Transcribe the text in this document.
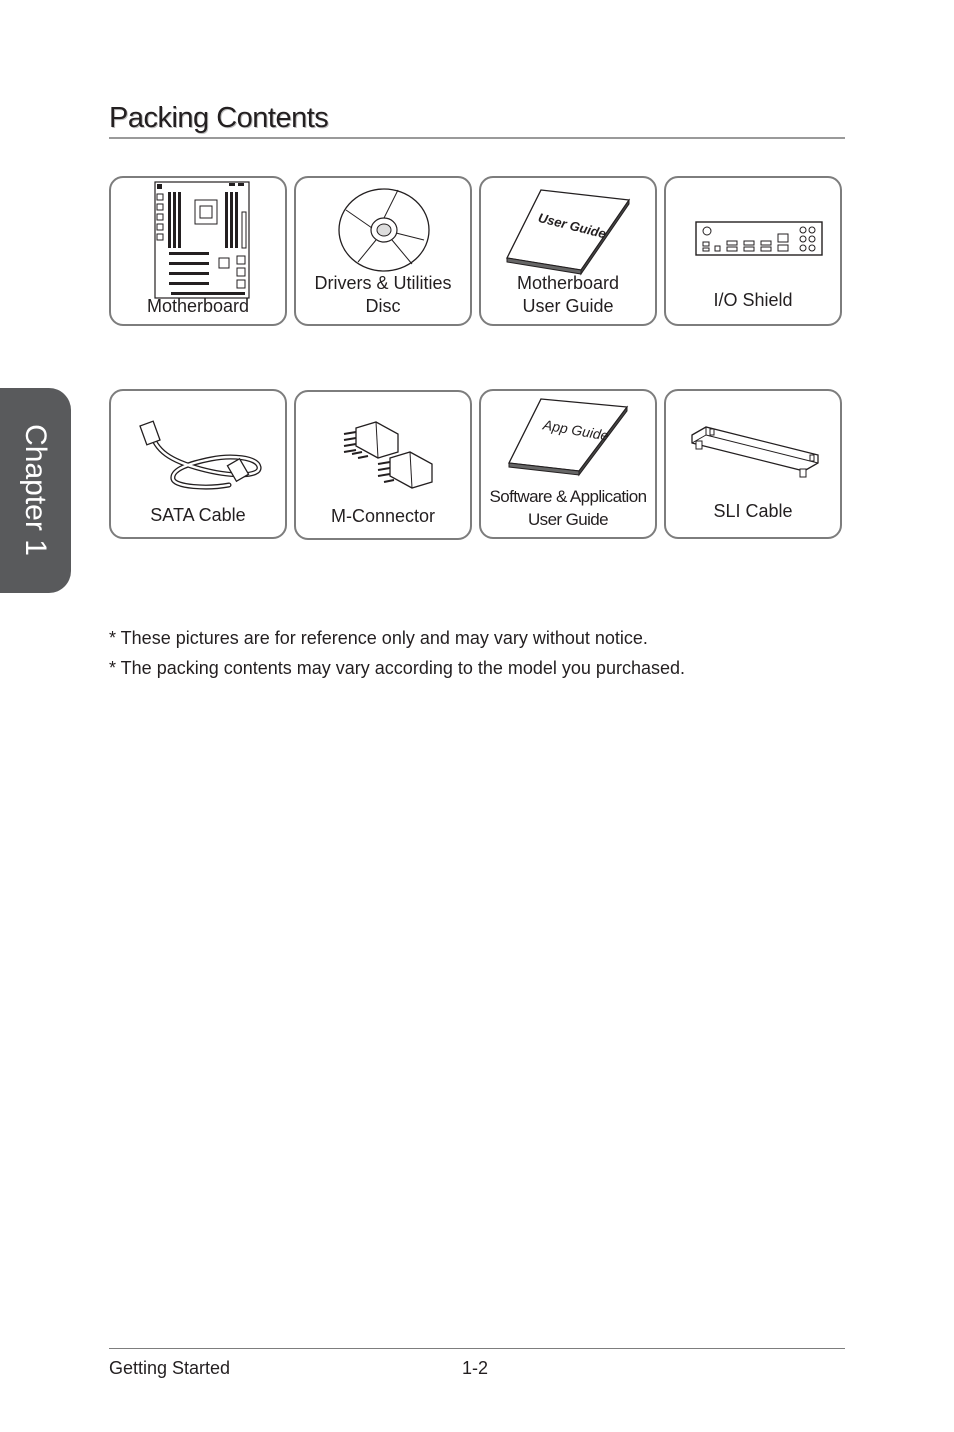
Packing Contents
Motherboard
Drivers & Utilities
Disc
User Guide
Motherboard
User Guide	I/O Shield
SATA Cable	M-Connector
App Guide
Software & Application
User Guide	SLI Cable
Chapter 1
* These pictures are for reference only and may vary without notice.
* The packing contents may vary according to the model you purchased.
Getting Started	1-2
